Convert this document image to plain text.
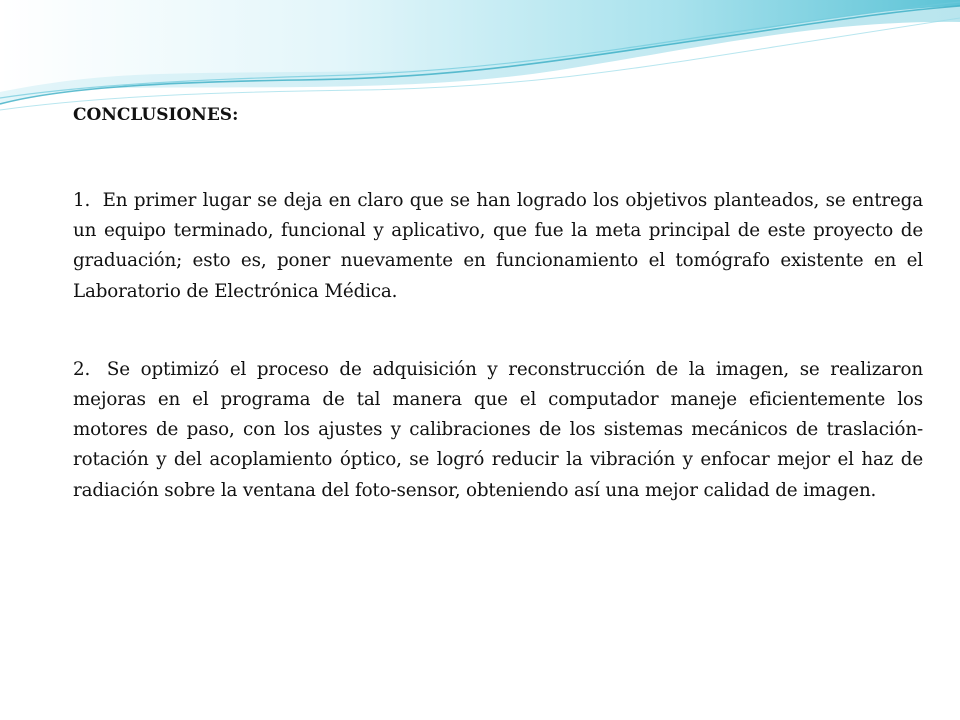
CONCLUSIONES:

1. En primer lugar se deja en claro que se han logrado los objetivos planteados, se entrega un equipo terminado, funcional y aplicativo, que fue la meta principal de este proyecto de graduación; esto es, poner nuevamente en funcionamiento el tomógrafo existente en el Laboratorio de Electrónica Médica.

2. Se optimizó el proceso de adquisición y reconstrucción de la imagen, se realizaron mejoras en el programa de tal manera que el computador maneje eficientemente los motores de paso, con los ajustes y calibraciones de los sistemas mecánicos de traslación-rotación y del acoplamiento óptico, se logró reducir la vibración y enfocar mejor el haz de radiación sobre la ventana del foto-sensor, obteniendo así una mejor calidad de imagen.
